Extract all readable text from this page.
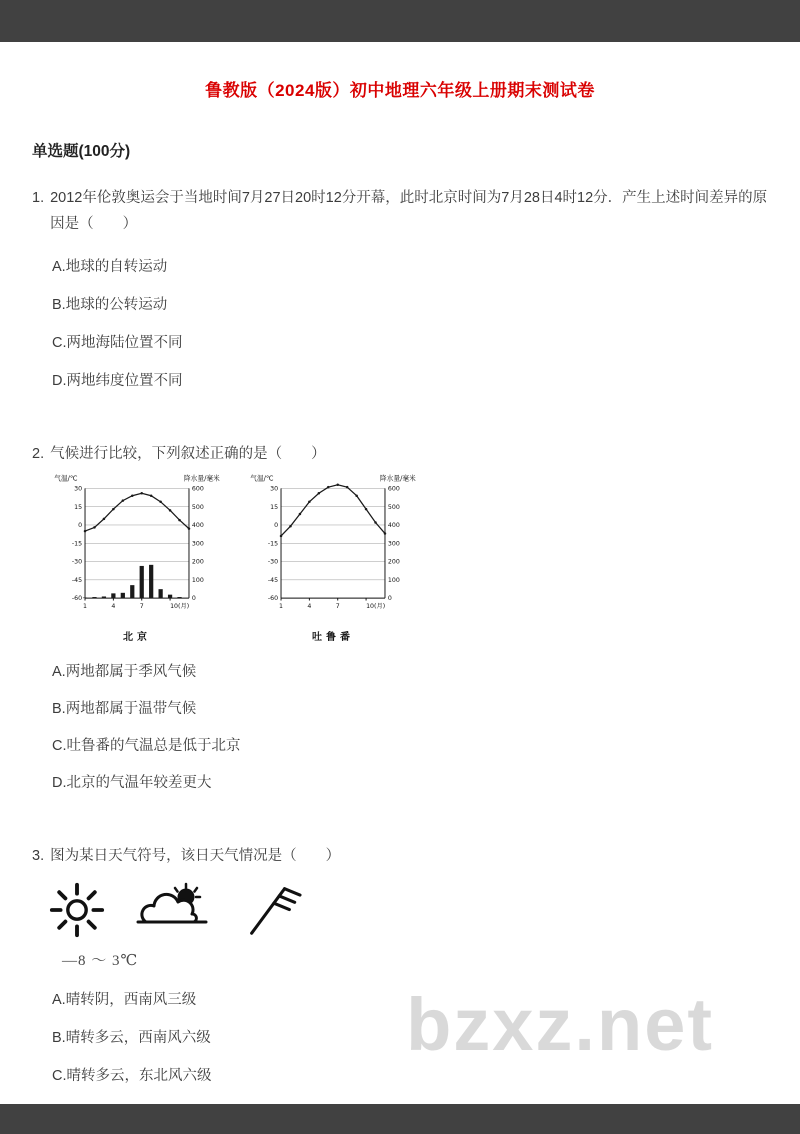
鲁教版（2024版）初中地理六年级上册期末测试卷
单选题(100分)
1. 2012年伦敦奥运会于当地时间7月27日20时12分开幕，此时北京时间为7月28日4时12分．产生上述时间差异的原因是（　　）
A.地球的自转运动
B.地球的公转运动
C.两地海陆位置不同
D.两地纬度位置不同
2. 气候进行比较，下列叙述正确的是（　　）
气温/℃	降水量/毫米
30	600
15	500
0	400
-15	300
-30	200
-45	100
-60	0
1	4	7	10(月)
北京
气温/℃	降水量/毫米
30	600
15	500
0	400
-15	300
-30	200
-45	100
-60	0
1	4	7	10(月)
吐鲁番
A.两地都属于季风气候
B.两地都属于温带气候
C.吐鲁番的气温总是低于北京
D.北京的气温年较差更大
3. 图为某日天气符号，该日天气情况是（　　）
—8 ～ 3℃
A.晴转阴，西南风三级
B.晴转多云，西南风六级
C.晴转多云，东北风六级
bzxz.net
